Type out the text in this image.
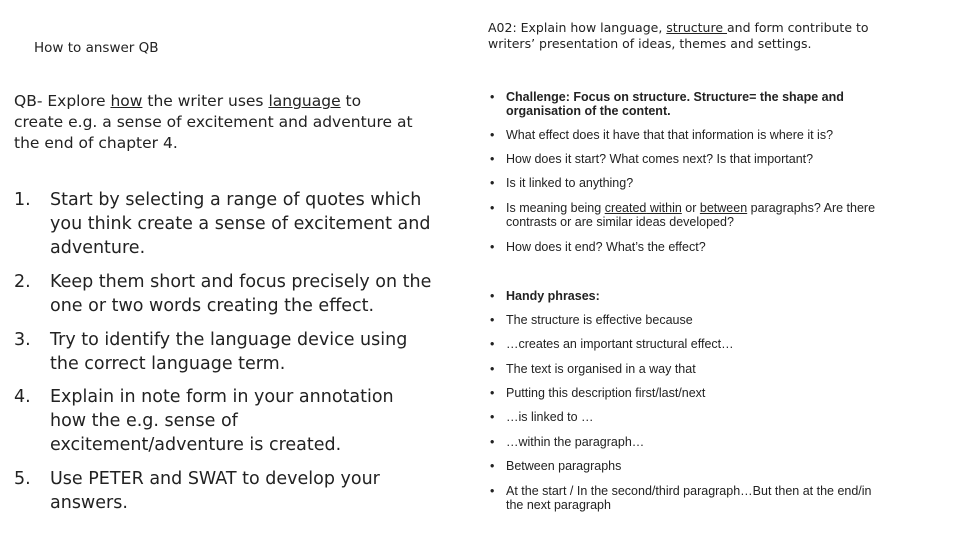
How to answer QB
QB- Explore how the writer uses language to create e.g. a sense of excitement and adventure at the end of chapter 4.
1.	Start by selecting a range of quotes which you think create a sense of excitement and adventure.
2.	Keep them short and focus precisely on the one or two words creating the effect.
3.	Try to identify the language device using the correct language term.
4.	Explain in note form in your annotation how the e.g. sense of excitement/adventure is created.
5.	Use PETER and SWAT to develop your answers.
A02: Explain how language, structure and form contribute to writers’ presentation of ideas, themes and settings.
• Challenge: Focus on structure. Structure= the shape and organisation of the content.
• What effect does it have that that information is where it is?
• How does it start? What comes next? Is that important?
• Is it linked to anything?
• Is meaning being created within or between paragraphs? Are there contrasts or are similar ideas developed?
• How does it end? What’s the effect?
• Handy phrases:
• The structure is effective because
• …creates an important structural effect…
• The text is organised in a way that
• Putting this description first/last/next
• …is linked to …
• …within the paragraph…
• Between paragraphs
• At the start / In the second/third paragraph…But then at the end/in the next paragraph
